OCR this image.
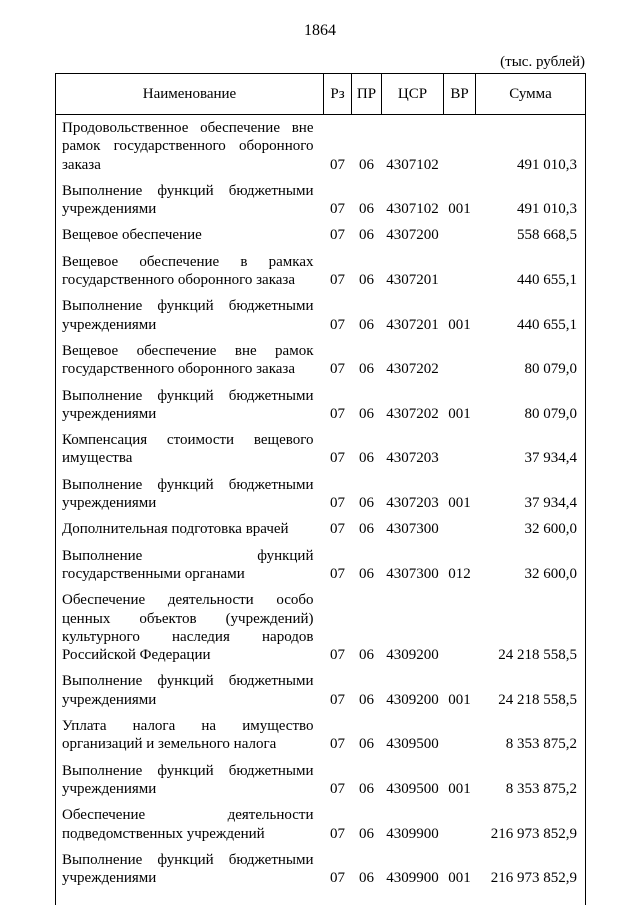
1864
(тыс. рублей)
Наименование	Рз	ПР	ЦСР	ВР	Сумма
Продовольственное обеспечение вне рамок государственного оборонного заказа	07	06	4307102		491 010,3
Выполнение функций бюджетными учреждениями	07	06	4307102	001	491 010,3
Вещевое обеспечение	07	06	4307200		558 668,5
Вещевое обеспечение в рамках государственного оборонного заказа	07	06	4307201		440 655,1
Выполнение функций бюджетными учреждениями	07	06	4307201	001	440 655,1
Вещевое обеспечение вне рамок государственного оборонного заказа	07	06	4307202		80 079,0
Выполнение функций бюджетными учреждениями	07	06	4307202	001	80 079,0
Компенсация стоимости вещевого имущества	07	06	4307203		37 934,4
Выполнение функций бюджетными учреждениями	07	06	4307203	001	37 934,4
Дополнительная подготовка врачей	07	06	4307300		32 600,0
Выполнение функций государственными органами	07	06	4307300	012	32 600,0
Обеспечение деятельности особо ценных объектов (учреждений) культурного наследия народов Российской Федерации	07	06	4309200		24 218 558,5
Выполнение функций бюджетными учреждениями	07	06	4309200	001	24 218 558,5
Уплата налога на имущество организаций и земельного налога	07	06	4309500		8 353 875,2
Выполнение функций бюджетными учреждениями	07	06	4309500	001	8 353 875,2
Обеспечение деятельности подведомственных учреждений	07	06	4309900		216 973 852,9
Выполнение функций бюджетными учреждениями	07	06	4309900	001	216 973 852,9
